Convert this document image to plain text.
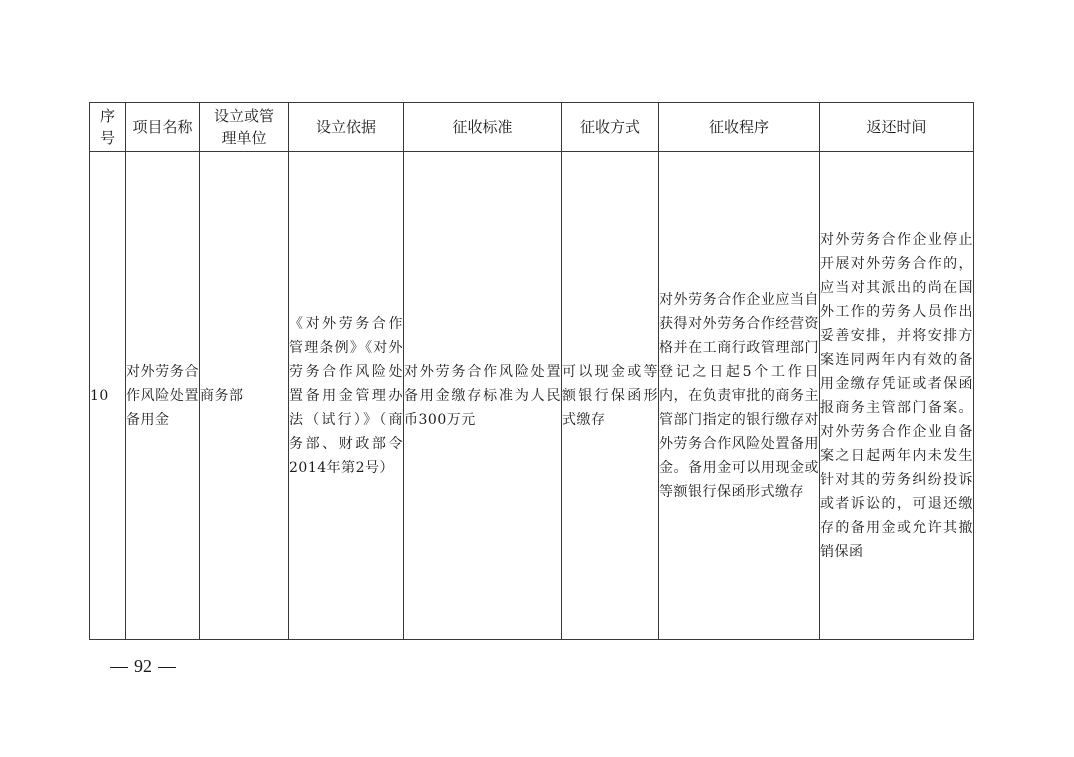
序号	项目名称	设立或管理单位	设立依据	征收标准	征收方式	征收程序	返还时间
10	对外劳务合作风险处置备用金	商务部	《对外劳务合作管理条例》《对外劳务合作风险处置备用金管理办法（试行）》（商务部、财政部令2014年第2号）	对外劳务合作风险处置备用金缴存标准为人民币300万元	可以现金或等额银行保函形式缴存	对外劳务合作企业应当自获得对外劳务合作经营资格并在工商行政管理部门登记之日起5个工作日内，在负责审批的商务主管部门指定的银行缴存对外劳务合作风险处置备用金。备用金可以用现金或等额银行保函形式缴存	对外劳务合作企业停止开展对外劳务合作的，应当对其派出的尚在国外工作的劳务人员作出妥善安排，并将安排方案连同两年内有效的备用金缴存凭证或者保函报商务主管部门备案。对外劳务合作企业自备案之日起两年内未发生针对其的劳务纠纷投诉或者诉讼的，可退还缴存的备用金或允许其撤销保函
92
